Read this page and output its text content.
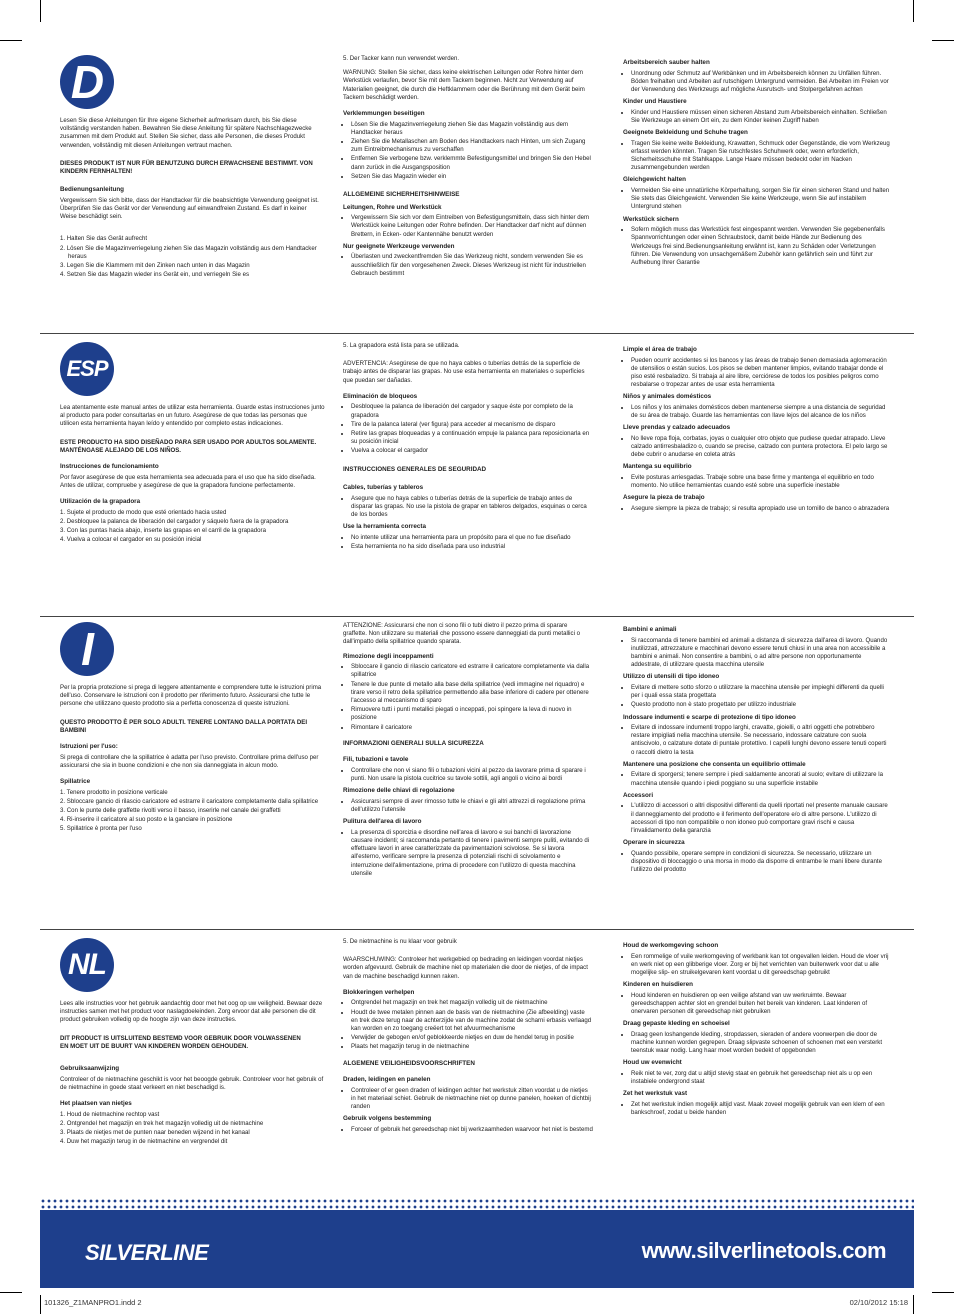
D

Lesen Sie diese Anleitungen für Ihre eigene Sicherheit aufmerksam durch, bis Sie diese vollständig verstanden haben. Bewahren Sie diese Anleitung für spätere Nachschlagezwecke zusammen mit dem Produkt auf. Stellen Sie sicher, dass alle Personen, die dieses Produkt verwenden, vollständig mit diesen Anleitungen vertraut machen.

DIESES PRODUKT IST NUR FÜR BENUTZUNG DURCH ERWACHSENE BESTIMMT. VON KINDERN FERNHALTEN!

Bedienungsanleitung

Vergewissern Sie sich bitte, dass der Handtacker für die beabsichtigte Verwendung geeignet ist. Überprüfen Sie das Gerät vor der Verwendung auf einwandfreien Zustand. Es darf in keiner Weise beschädigt sein.

1. Halten Sie das Gerät aufrecht
2. Lösen Sie die Magazinverriegelung ziehen Sie das Magazin vollständig aus dem Handtacker heraus
3. Legen Sie die Klammern mit den Zinken nach unten in das Magazin
4. Setzen Sie das Magazin wieder ins Gerät ein, und verriegeln Sie es

5. Der Tacker kann nun verwendet werden.

WARNUNG: Stellen Sie sicher, dass keine elektrischen Leitungen oder Rohre hinter dem Werkstück verlaufen, bevor Sie mit dem Tackern beginnen. Nicht zur Verwendung auf Materialien geeignet, die durch die Heftklammern oder die Berührung mit dem Gerät beim Tackern beschädigt werden.

Verklemmungen beseitigen
• Lösen Sie die Magazinverriegelung ziehen Sie das Magazin vollständig aus dem Handtacker heraus
• Ziehen Sie die Metallaschen am Boden des Handtackers nach Hinten, um sich Zugang zum Eintreibmechanismus zu verschaffen
• Entfernen Sie verbogene bzw. verklemmte Befestigungsmittel und bringen Sie den Hebel dann zurück in die Ausgangsposition
• Setzen Sie das Magazin wieder ein
ALLGEMEINE SICHERHEITSHINWEISE
Leitungen, Rohre und Werkstück
• Vergewissern Sie sich vor dem Eintreiben von Befestigungsmitteln, dass sich hinter dem Werkstück keine Leitungen oder Rohre befinden. Der Handtacker darf nicht auf dünnen Brettern, in Ecken- oder Kantennähe benutzt werden
Nur geeignete Werkzeuge verwenden
• Überlasten und zweckentfremden Sie das Werkzeug nicht, sondern verwenden Sie es ausschließlich für den vorgesehenen Zweck. Dieses Werkzeug ist nicht für industriellen Gebrauch bestimmt
Arbeitsbereich sauber halten
• Unordnung oder Schmutz auf Werkbänken und im Arbeitsbereich können zu Unfällen führen. Böden freihalten und Arbeiten auf rutschigem Untergrund vermeiden. Bei Arbeiten im Freien vor der Verwendung des Werkzeugs auf mögliche Ausrutsch- und Stolpergefahren achten
Kinder und Haustiere
• Kinder und Haustiere müssen einen sicheren Abstand zum Arbeitsbereich einhalten. Schließen Sie Werkzeuge an einem Ort ein, zu dem Kinder keinen Zugriff haben
Geeignete Bekleidung und Schuhe tragen
• Tragen Sie keine weite Bekleidung, Krawatten, Schmuck oder Gegenstände, die vom Werkzeug erfasst werden könnten. Tragen Sie rutschfestes Schuhwerk oder, wenn erforderlich, Sicherheitsschuhe mit Stahlkappe. Lange Haare müssen bedeckt oder im Nacken zusammengebunden werden
Gleichgewicht halten
• Vermeiden Sie eine unnatürliche Körperhaltung, sorgen Sie für einen sicheren Stand und halten Sie stets das Gleichgewicht. Verwenden Sie keine Werkzeuge, wenn Sie auf instabilem Untergrund stehen
Werkstück sichern
• Sofern möglich muss das Werkstück fest eingespannt werden. Verwenden Sie gegebenenfalls Spannvorrichtungen oder einen Schraubstock, damit beide Hände zur Bedienung des Werkzeugs frei sind.Bedienungsanleitung erwähnt ist, kann zu Schäden oder Verletzungen führen. Die Verwendung von unsachgemäßem Zubehör kann gefährlich sein und führt zur Aufhebung Ihrer Garantie
ESP

Lea atentamente este manual antes de utilizar esta herramienta. Guarde estas instrucciones junto al producto para poder consultarlas en un futuro. Asegúrese de que todas las personas que utilicen esta herramienta hayan leído y entendido por completo estas indicaciones.

ESTE PRODUCTO HA SIDO DISEÑADO PARA SER USADO POR ADULTOS SOLAMENTE. MANTÉNGASE ALEJADO DE LOS NIÑOS.

Instrucciones de funcionamiento

Por favor asegúrese de que esta herramienta sea adecuada para el uso que ha sido diseñada. Antes de utilizar, compruebe y asegúrese de que la grapadora funcione perfectamente.

Utilización de la grapadora
1. Sujete el producto de modo que esté orientado hacia usted
2. Desbloquee la palanca de liberación del cargador y sáquelo fuera de la grapadora
3. Con las puntas hacia abajo, inserte las grapas en el carril de la grapadora
4. Vuelva a colocar el cargador en su posición inicial

5. La grapadora está lista para se utilizada.

ADVERTENCIA: Asegúrese de que no haya cables o tuberías detrás de la superficie de trabajo antes de disparar las grapas. No use esta herramienta en materiales o superficies que puedan ser dañadas.

Eliminación de bloqueos
• Desbloquee la palanca de liberación del cargador y saque éste por completo de la grapadora
• Tire de la palanca lateral (ver figura) para acceder al mecanismo de disparo
• Retire las grapas bloqueadas y a continuación empuje la palanca para reposicionarla en su posición inicial
• Vuelva a colocar el cargador
INSTRUCCIONES GENERALES DE SEGURIDAD
Cables, tuberías y tableros
• Asegure que no haya cables o tuberías detrás de la superficie de trabajo antes de disparar las grapas. No use la pistola de grapar en tableros delgados, esquinas o cerca de los bordes
Use la herramienta correcta
• No intente utilizar una herramienta para un propósito para el que no fue diseñado
• Esta herramienta no ha sido diseñada para uso industrial
Limpie el área de trabajo
• Pueden ocurrir accidentes si los bancos y las áreas de trabajo tienen demasiada aglomeración de utensilios o están sucios. Los pisos se deben mantener limpios, evitando trabajar donde el piso esté resbaladizo. Si trabaja al aire libre, cerciórese de todos los posibles peligros como resbalarse o tropezar antes de usar esta herramienta
Niños y animales domésticos
• Los niños y los animales domésticos deben mantenerse siempre a una distancia de seguridad de su área de trabajo. Guarde las herramientas con llave lejos del alcance de los niños
Lleve prendas y calzado adecuados
• No lleve ropa floja, corbatas, joyas o cualquier otro objeto que pudiese quedar atrapado. Lleve calzado antirresbaladizo o, cuando se precise, calzado con puntera protectora. El pelo largo se debe cubrir o anudarse en coleta atrás
Mantenga su equilibrio
• Evite posturas arriesgadas. Trabaje sobre una base firme y mantenga el equilibrio en todo momento. No utilice herramientas cuando esté sobre una superficie inestable
Asegure la pieza de trabajo
• Asegure siempre la pieza de trabajo; si resulta apropiado use un tornillo de banco o abrazadera
I

Per la propria protezione si prega di leggere attentamente e comprendere tutte le istruzioni prima dell'uso. Conservare le istruzioni con il prodotto per riferimento futuro. Assicurarsi che tutte le persone che utilizzano questo prodotto sia a perfetta conoscenza di queste istruzioni.

QUESTO PRODOTTO È PER SOLO ADULTI. TENERE LONTANO DALLA PORTATA DEI BAMBINI

Istruzioni per l'uso:

Si prega di controllare che la spillatrice è adatta per l'uso previsto. Controllare prima dell'uso per assicurarsi che sia in buone condizioni e che non sia danneggiata in alcun modo.

Spillatrice
1. Tenere prodotto in posizione verticale
2. Sbloccare gancio di rilascio caricatore ed estrarre il caricatore completamente dalla spillatrice
3. Con le punte delle graffette rivolti verso il basso, inserirle nel canale dei graffetti
4. Ri-inserire il caricatore al suo posto e la ganciare in posizione
5. Spillatrice è pronta per l'uso

ATTENZIONE: Assicurarsi che non ci sono fili o tubi dietro il pezzo prima di sparare graffette. Non utilizzare su materiali che possono essere danneggiati da punti metallici o dall'impatto della spillatrice quando sparata.

Rimozione degli inceppamenti
• Sbloccare il gancio di rilascio caricatore ed estrarre il caricatore completamente via dalla spillatrice
• Tenere le due punte di metallo alla base della spillatrice (vedi immagine nel riquadro) e tirare verso il retro della spillatrice permettendo alla base inferiore di cadere per ottenere l'accesso al meccanismo di sparo
• Rimuovere tutti i punti metallici piegati o inceppati, poi spingere la leva di nuovo in posizione
• Rimontare il caricatore
INFORMAZIONI GENERALI SULLA SICUREZZA
Fili, tubazioni e tavole
• Controllare che non vi siano fili o tubazioni vicini al pezzo da lavorare prima di sparare i punti. Non usare la pistola cucitrice su tavole sottili, agli angoli o vicino ai bordi
Rimozione delle chiavi di regolazione
• Assicurarsi sempre di aver rimosso tutte le chiavi e gli altri attrezzi di regolazione prima dell'utilizzo l'utensile
Pulitura dell'area di lavoro
• La presenza di sporcizia e disordine nell'area di lavoro e sui banchi di lavorazione causare incidenti; si raccomanda pertanto di tenere i pavimenti sempre puliti, evitando di effettuare lavori in aree caratterizzate da pavimentazioni scivolose. Se si lavora all'esterno, verificare sempre la presenza di potenziali rischi di scivolamento e interruzione dell'alimentazione, prima di procedere con l'utilizzo di questa macchina utensile
Bambini e animali
• Si raccomanda di tenere bambini ed animali a distanza di sicurezza dall'area di lavoro. Quando inutilizzati, attrezzature e macchinari devono essere tenuti chiusi in una area non accessibile a bambini e animali. Non consentire a bambini, o ad altre persone non opportunamente addestrate, di utilizzare questa macchina utensile
Utilizzo di utensili di tipo idoneo
• Evitare di mettere sotto sforzo o utilizzare la macchina utensile per impieghi differenti da quelli per i quali essa stata progettata
• Questo prodotto non è stato progettato per utilizzo industriale
Indossare indumenti e scarpe di protezione di tipo idoneo
• Evitare di indossare indumenti troppo larghi, cravatte, gioielli, o altri oggetti che potrebbero restare impigliati nella macchina utensile. Se necessario, indossare calzature con suola antiscivolo, o calzature dotate di puntale protettivo. I capelli lunghi devono essere tenuti coperti o raccolti dietro la testa
Mantenere una posizione che consenta un equilibrio ottimale
• Evitare di sporgersi; tenere sempre i piedi saldamente ancorati al suolo; evitare di utilizzare la macchina utensile quando i piedi poggiano su una superficie instabile
Accessori
• L'utilizzo di accessori o altri dispositivi differenti da quelli riportati nel presente manuale causare il danneggiamento del prodotto e il ferimento dell'operatore e/o di altre persone. L'utilizzo di accessori di tipo non compatibile o non idoneo può comportare gravi rischi e causa l'invalidamento della garanzia
Operare in sicurezza
• Quando possibile, operare sempre in condizioni di sicurezza. Se necessario, utilizzare un dispositivo di bloccaggio o una morsa in modo da disporre di entrambe le mani libere durante l'utilizzo del prodotto
NL

Lees alle instructies voor het gebruik aandachtig door met het oog op uw veiligheid. Bewaar deze instructies samen met het product voor naslagdoeleinden. Zorg ervoor dat alle personen die dit product gebruiken volledig op de hoogte zijn van deze instructies.

DIT PRODUCT IS UITSLUITEND BESTEMD VOOR GEBRUIK DOOR VOLWASSENEN

EN MOET UIT DE BUURT VAN KINDEREN WORDEN GEHOUDEN.

Gebruiksaanwijzing

Controleer of de nietmachine geschikt is voor het beoogde gebruik. Controleer voor het gebruik of de nietmachine in goede staat verkeert en niet beschadigd is.

Het plaatsen van nietjes
1. Houd de nietmachine rechtop vast
2. Ontgrendel het magazijn en trek het magazijn volledig uit de nietmachine
3. Plaats de nietjes met de punten naar beneden wijzend in het kanaal
4. Duw het magazijn terug in de nietmachine en vergrendel dit

5. De nietmachine is nu klaar voor gebruik

WAARSCHUWING: Controleer het werkgebied op bedrading en leidingen voordat nietjes worden afgevuurd. Gebruik de machine niet op materialen die door de nietjes, of de impact van de machine beschadigd kunnen raken.

Blokkeringen verhelpen
• Ontgrendel het magazijn en trek het magazijn volledig uit de nietmachine
• Houdt de twee metalen pinnen aan de basis van de nietmachine (Zie afbeelding) vaste en trek deze terug naar de achterzijde van de machine zodat de scharni erbasis verlaagd kan worden en zo toegang creëert tot het afvuurmechanisme
• Verwijder de gebogen en/of geblokkeerde nietjes en duw de hendel terug in positie
• Plaats het magazijn terug in de nietmachine
ALGEMENE VEILIGHEIDSVOORSCHRIFTEN
Draden, leidingen en panelen
• Controleer of er geen draden of leidingen achter het werkstuk zitten voordat u de nietjes in het materiaal schiet. Gebruik de nietmachine niet op dunne panelen, hoeken of dichtbij randen
Gebruik volgens bestemming
• Forceer of gebruik het gereedschap niet bij werkzaamheden waarvoor het niet is bestemd
Houd de werkomgeving schoon
• Een rommelige of vuile werkomgeving of werkbank kan tot ongevallen leiden. Houd de vloer vrij en werk niet op een glibberige vloer. Zorg er bij het verrichten van buitenwerk voor dat u alle mogelijke slip- en struikelgevaren kent voordat u dit gereedschap gebruikt
Kinderen en huisdieren
• Houd kinderen en huisdieren op een veilige afstand van uw werkruimte. Bewaar gereedschappen achter slot en grendel buiten het bereik van kinderen. Laat kinderen of onervaren personen dit gereedschap niet gebruiken
Draag gepaste kleding en schoeisel
• Draag geen loshangende kleding, stropdassen, sieraden of andere voorwerpen die door de machine kunnen worden gegrepen. Draag slipvaste schoenen of schoenen met een versterkt teenstuk waar nodig. Lang haar moet worden bedekt of opgebonden
Houd uw evenwicht
• Reik niet te ver, zorg dat u altijd stevig staat en gebruik het gereedschap niet als u op een instabiele ondergrond staat
Zet het werkstuk vast
• Zet het werkstuk indien mogelijk altijd vast. Maak zoveel mogelijk gebruik van een klem of een bankschroef, zodat u beide handen
SILVERLINE	www.silverlinetools.com
101326_Z1MANPRO1.indd 2	02/10/2012 15:18
